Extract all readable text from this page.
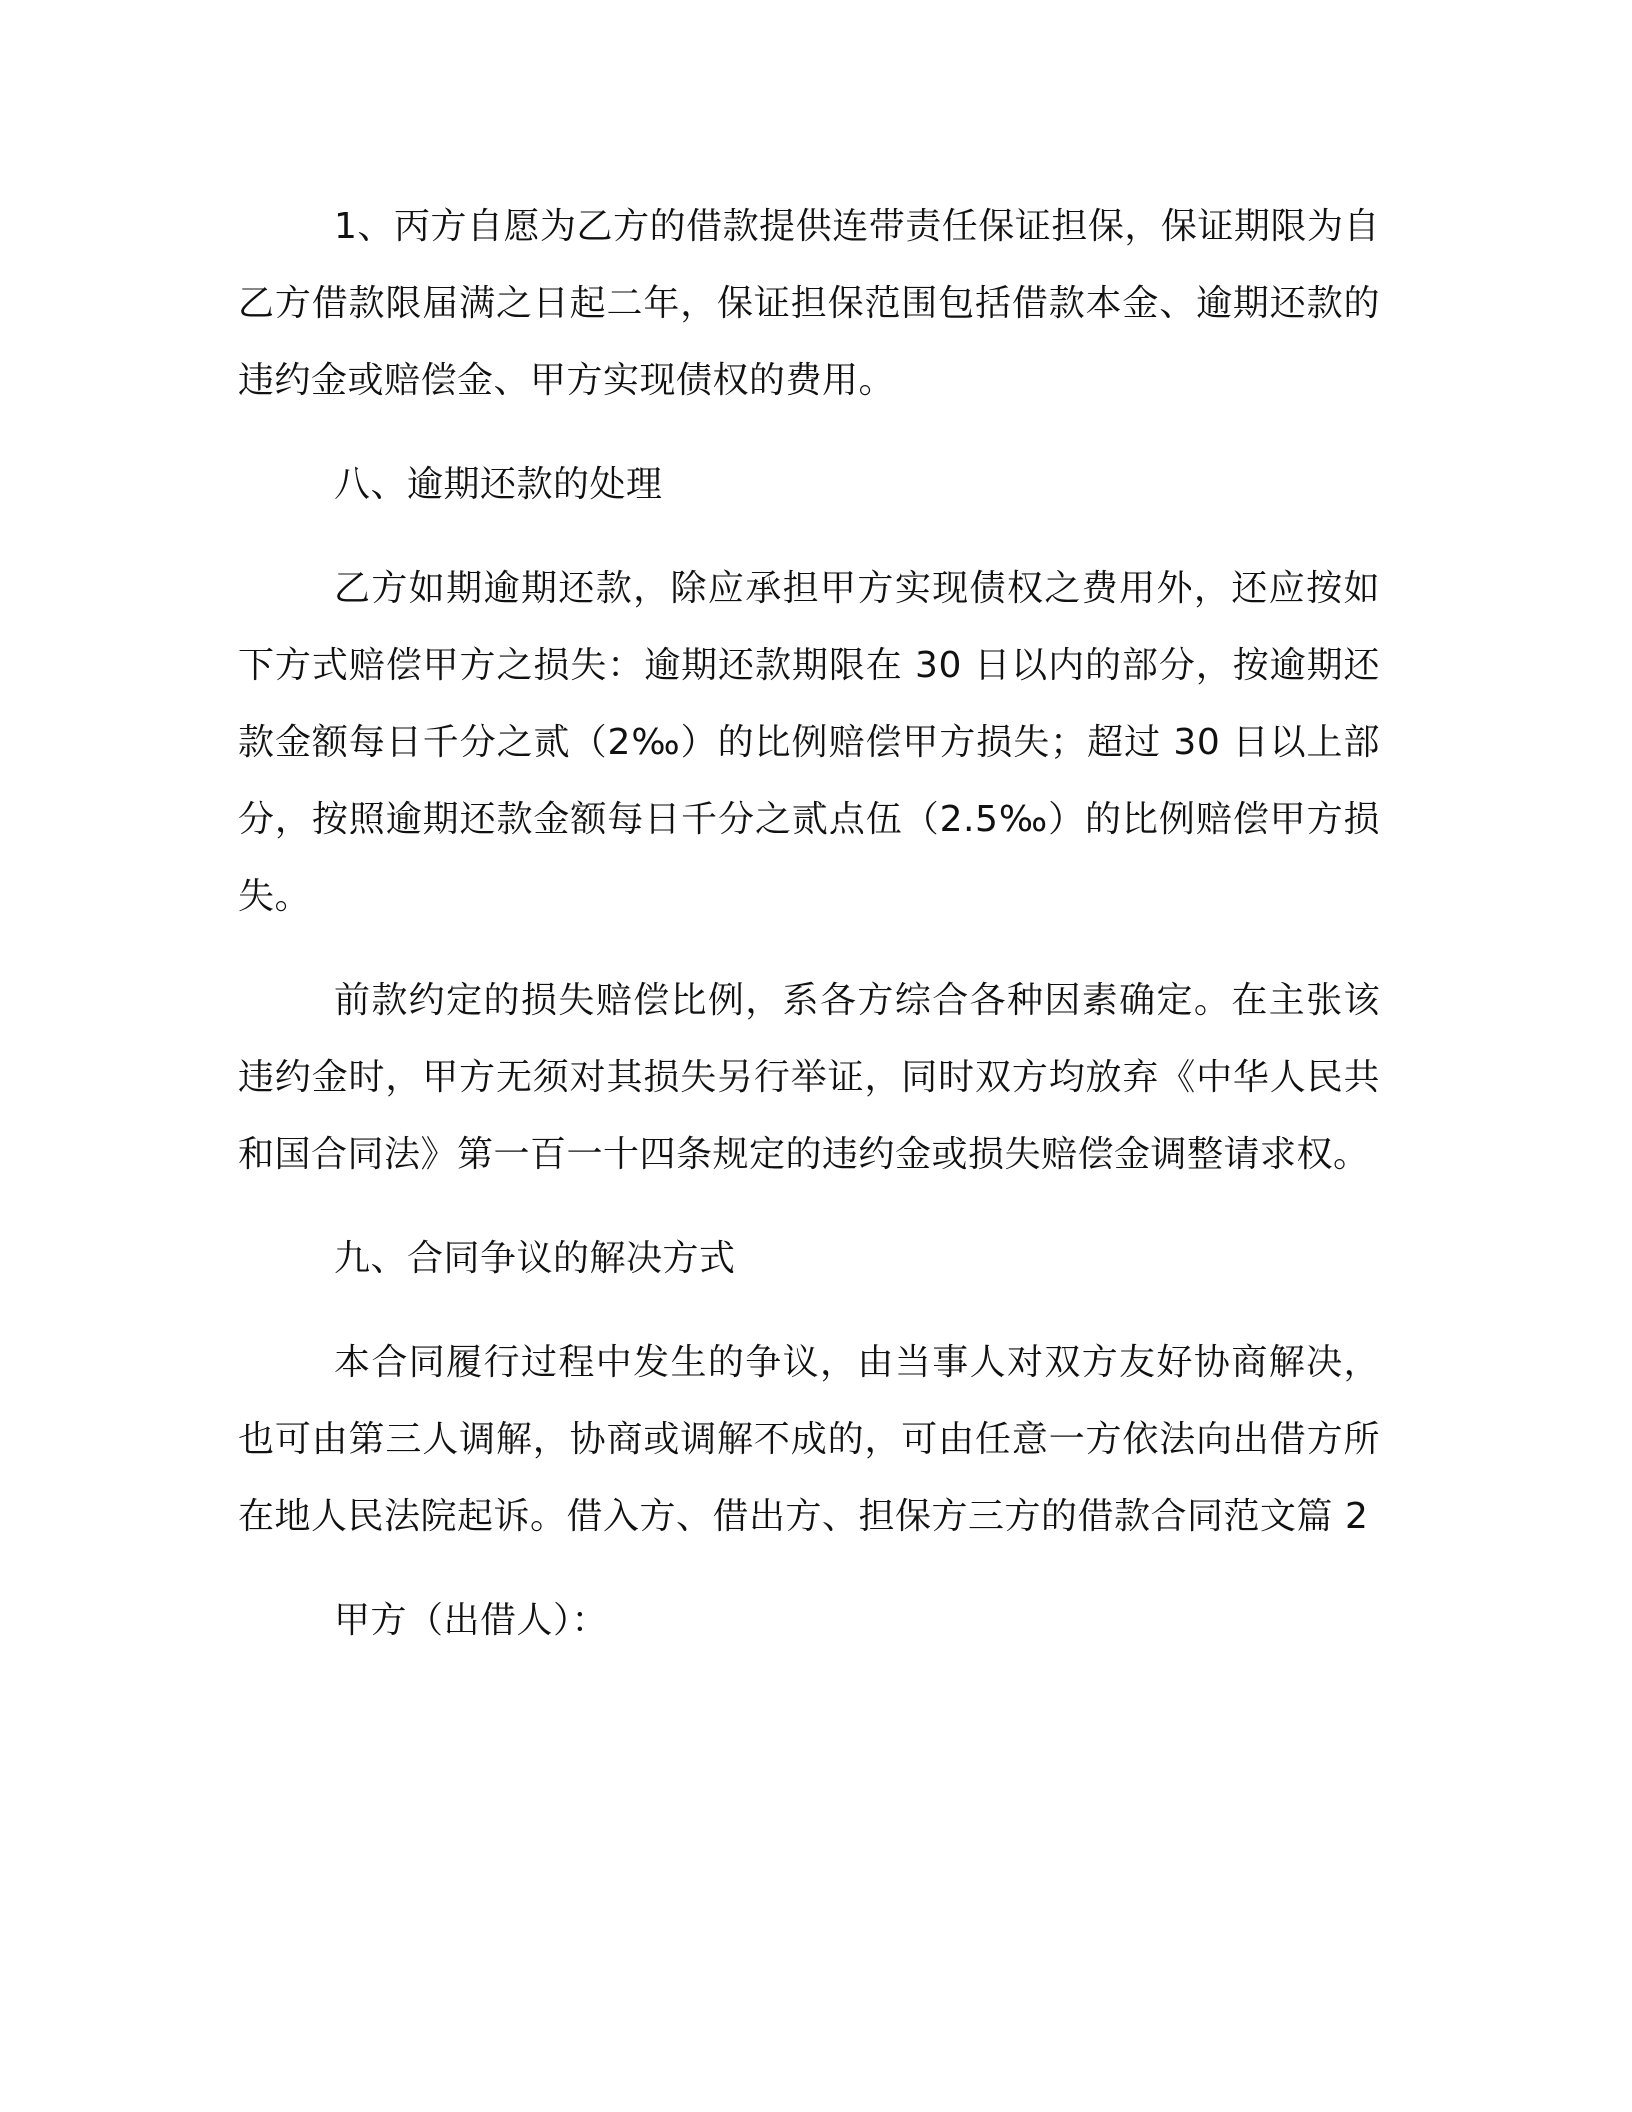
1、丙方自愿为乙方的借款提供连带责任保证担保，保证期限为自乙方借款限届满之日起二年，保证担保范围包括借款本金、逾期还款的违约金或赔偿金、甲方实现债权的费用。

八、逾期还款的处理

乙方如期逾期还款，除应承担甲方实现债权之费用外，还应按如下方式赔偿甲方之损失：逾期还款期限在 30 日以内的部分，按逾期还款金额每日千分之贰（2‰）的比例赔偿甲方损失；超过 30 日以上部分，按照逾期还款金额每日千分之贰点伍（2.5‰）的比例赔偿甲方损失。

前款约定的损失赔偿比例，系各方综合各种因素确定。在主张该违约金时，甲方无须对其损失另行举证，同时双方均放弃《中华人民共和国合同法》第一百一十四条规定的违约金或损失赔偿金调整请求权。

九、合同争议的解决方式

本合同履行过程中发生的争议，由当事人对双方友好协商解决，也可由第三人调解，协商或调解不成的，可由任意一方依法向出借方所在地人民法院起诉。借入方、借出方、担保方三方的借款合同范文篇 2

甲方（出借人）：
